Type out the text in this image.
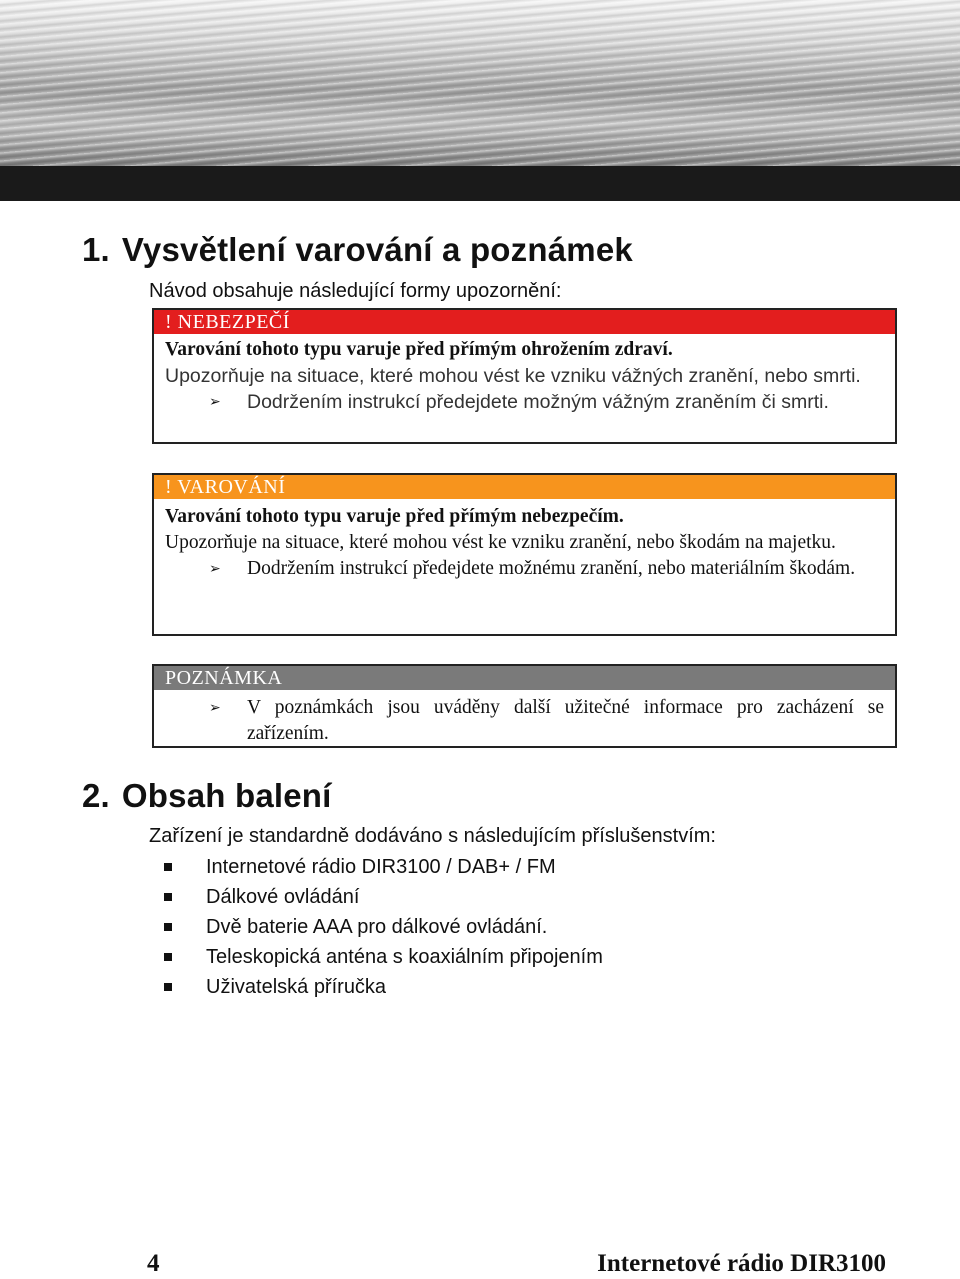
1. Vysvětlení varování a poznámek
Návod obsahuje následující formy upozornění:
! NEBEZPEČÍ

Varování tohoto typu varuje před přímým ohrožením zdraví.

Upozorňuje na situace, které mohou vést ke vzniku vážných zranění, nebo smrti.

➢	Dodržením instrukcí předejdete možným vážným zraněním či smrti.
! VAROVÁNÍ

Varování tohoto typu varuje před přímým nebezpečím.

Upozorňuje na situace, které mohou vést ke vzniku zranění, nebo škodám na majetku.

➢	Dodržením instrukcí předejdete možnému zranění, nebo materiálním škodám.
POZNÁMKA
➢	V poznámkách jsou uváděny další užitečné informace pro zacházení se zařízením.
2. Obsah balení
Zařízení je standardně dodáváno s následujícím příslušenstvím:
Internetové rádio DIR3100 / DAB+ / FM
Dálkové ovládání
Dvě baterie AAA pro dálkové ovládání.
Teleskopická anténa s koaxiálním připojením
Uživatelská příručka
4	Internetové rádio DIR3100
